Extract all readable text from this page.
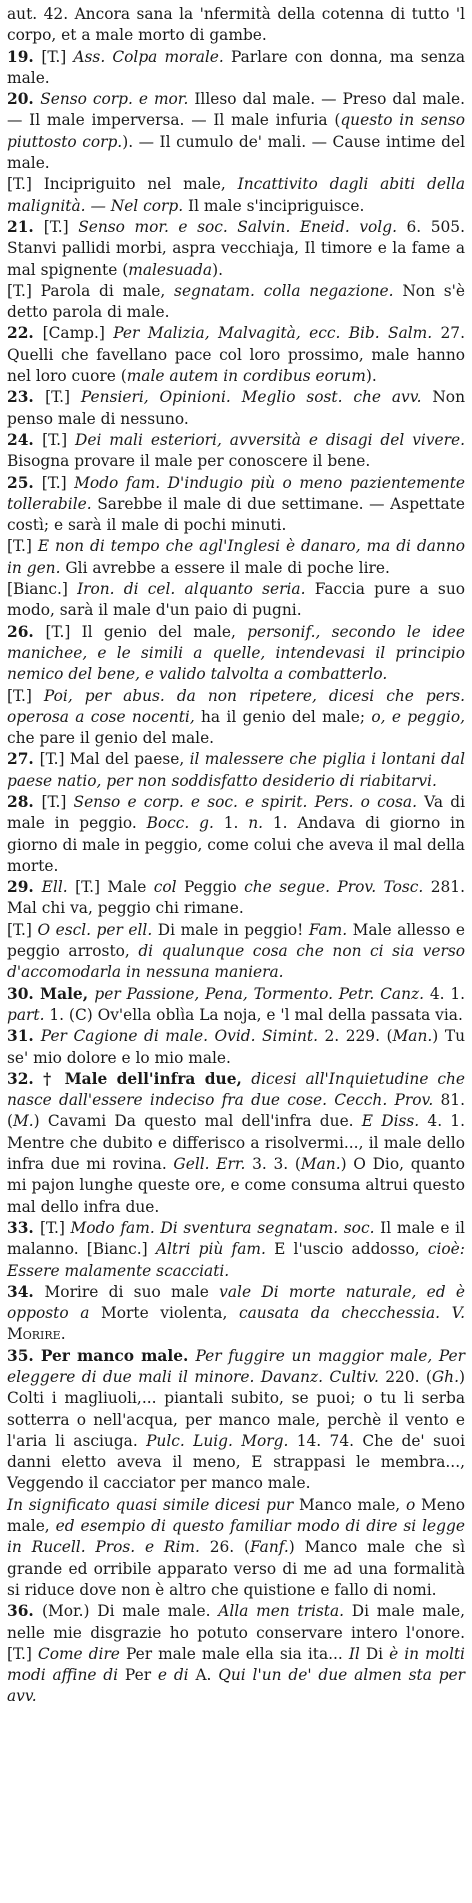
aut. 42. Ancora sana la 'nfermità della cotenna di tutto 'l corpo, et a male morto di gambe.

19. [T.] Ass. Colpa morale. Parlare con donna, ma senza male.

20. Senso corp. e mor. Illeso dal male. — Preso dal male. — Il male imperversa. — Il male infuria (questo in senso piuttosto corp.). — Il cumulo de' mali. — Cause intime del male.

[T.] Incipriguito nel male, Incattivito dagli abiti della malignità. — Nel corp. Il male s'incipriguisce.

21. [T.] Senso mor. e soc. Salvin. Eneid. volg. 6. 505. Stanvi pallidi morbi, aspra vecchiaja, Il timore e la fame a mal spignente (malesuada).

[T.] Parola di male, segnatam. colla negazione. Non s'è detto parola di male.

22. [Camp.] Per Malizia, Malvagità, ecc. Bib. Salm. 27. Quelli che favellano pace col loro prossimo, male hanno nel loro cuore (male autem in cordibus eorum).

23. [T.] Pensieri, Opinioni. Meglio sost. che avv. Non penso male di nessuno.

24. [T.] Dei mali esteriori, avversità e disagi del vivere. Bisogna provare il male per conoscere il bene.

25. [T.] Modo fam. D'indugio più o meno pazientemente tollerabile. Sarebbe il male di due settimane. — Aspettate costì; e sarà il male di pochi minuti.

[T.] E non di tempo che agl'Inglesi è danaro, ma di danno in gen. Gli avrebbe a essere il male di poche lire.

[Bianc.] Iron. di cel. alquanto seria. Faccia pure a suo modo, sarà il male d'un paio di pugni.

26. [T.] Il genio del male, personif., secondo le idee manichee, e le simili a quelle, intendevasi il principio nemico del bene, e valido talvolta a combatterlo.

[T.] Poi, per abus. da non ripetere, dicesi che pers. operosa a cose nocenti, ha il genio del male; o, e peggio, che pare il genio del male.

27. [T.] Mal del paese, il malessere che piglia i lontani dal paese natio, per non soddisfatto desiderio di riabitarvi.

28. [T.] Senso e corp. e soc. e spirit. Pers. o cosa. Va di male in peggio. Bocc. g. 1. n. 1. Andava di giorno in giorno di male in peggio, come colui che aveva il mal della morte.

29. Ell. [T.] Male col Peggio che segue. Prov. Tosc. 281. Mal chi va, peggio chi rimane.

[T.] O escl. per ell. Di male in peggio! Fam. Male allesso e peggio arrosto, di qualunque cosa che non ci sia verso d'accomodarla in nessuna maniera.

30. Male, per Passione, Pena, Tormento. Petr. Canz. 4. 1. part. 1. (C) Ov'ella oblìa La noja, e 'l mal della passata via.

31. Per Cagione di male. Ovid. Simint. 2. 229. (Man.) Tu se' mio dolore e lo mio male.

32. † Male dell'infra due, dicesi all'Inquietudine che nasce dall'essere indeciso fra due cose. Cecch. Prov. 81. (M.) Cavami Da questo mal dell'infra due. E Diss. 4. 1. Mentre che dubito e differisco a risolvermi..., il male dello infra due mi rovina. Gell. Err. 3. 3. (Man.) O Dio, quanto mi pajon lunghe queste ore, e come consuma altrui questo mal dello infra due.

33. [T.] Modo fam. Di sventura segnatam. soc. Il male e il malanno. [Bianc.] Altri più fam. E l'uscio addosso, cioè: Essere malamente scacciati.

34. Morire di suo male vale Di morte naturale, ed è opposto a Morte violenta, causata da checchessia. V. Morire.

35. Per manco male. Per fuggire un maggior male, Per eleggere di due mali il minore. Davanz. Cultiv. 220. (Gh.) Colti i magliuoli,... piantali subito, se puoi; o tu li serba sotterra o nell'acqua, per manco male, perchè il vento e l'aria li asciuga. Pulc. Luig. Morg. 14. 74. Che de' suoi danni eletto aveva il meno, E strappasi le membra..., Veggendo il cacciator per manco male.

In significato quasi simile dicesi pur Manco male, o Meno male, ed esempio di questo familiar modo di dire si legge in Rucell. Pros. e Rim. 26. (Fanf.) Manco male che sì grande ed orribile apparato verso di me ad una formalità si riduce dove non è altro che quistione e fallo di nomi.

36. (Mor.) Di male male. Alla men trista. Di male male, nelle mie disgrazie ho potuto conservare intero l'onore. [T.] Come dire Per male male ella sia ita... Il Di è in molti modi affine di Per e di A. Qui l'un de' due almen sta per avv.
